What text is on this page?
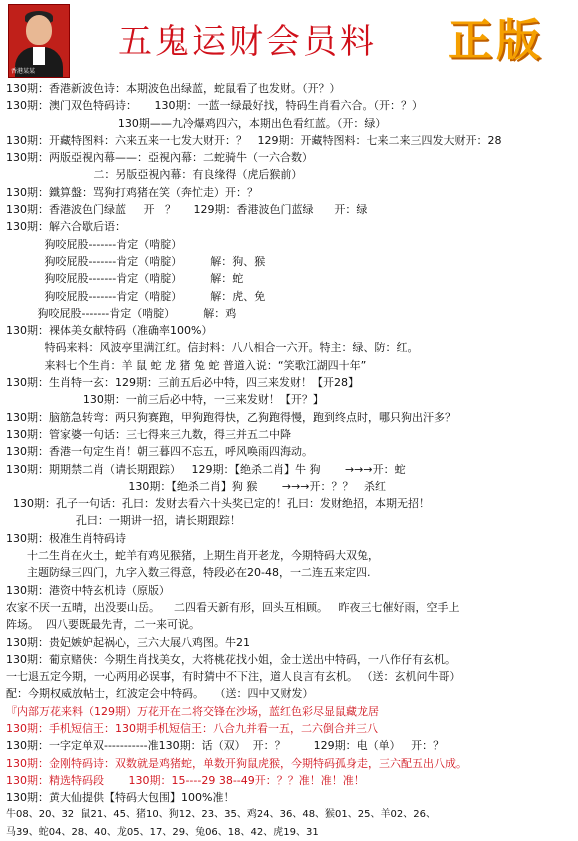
香港某某
五鬼运财会员料 正版
130期：香港新波色诗：本期波色出绿蓝，蛇鼠看了也发财。（开？）
130期：澳门双色特码诗：     130期：一蓝一绿最好找，特码生肖看六合。（开：？）
130期——九冷爆鸡四六，本期出色看红蓝。（开：绿）
130期：开藏特图料：六来五来一七发大财开：？   129期：开藏特图料：七来二来三四发大财开：28
130期：两版亞視內幕——：亞視內幕：二蛇骑牛（一六合数）
二：另版亞視內幕：有良缘得（虎后猴前）
130期：鐵算盤：骂狗打鸡猪在笑（奔忙走）开：？
130期：香港波色门绿蓝     开   ？     129期：香港波色门蓝绿      开：绿
130期：解六合歇后语：
狗咬屁股-------肯定（啃腚）
狗咬屁股-------肯定（啃腚）        解：狗、猴
狗咬屁股-------肯定（啃腚）        解：蛇
狗咬屁股-------肯定（啃腚）        解：虎、免
狗咬屁股-------肯定（啃腚）        解：鸡
130期：裸体美女献特码（准确率100%）
特码来料：风波亭里满江红。信封料：八八相合一六开。特主：绿、防：红。
来料七个生肖：羊 鼠 蛇 龙 猪 兔 蛇 普道入说：“笑歌江湖四十年”
130期：生肖特一玄：129期：三前五后必中特，四三来发财！【开28】
130期：一前三后必中特，一三来发财！【开？】
130期：脑筋急转弯：两只狗赛跑，甲狗跑得快，乙狗跑得慢，跑到终点时，哪只狗出汗多？
130期：管家婆一句话：三七得来三九数，得三并五二中降
130期：香港一句定生肖！朝三暮四不忘五，呼风唤雨四海动。
130期：期期禁二肖（请长期跟踪）   129期：【绝杀二肖】牛 狗       →→→开：蛇
130期：【绝杀二肖】狗 猴       →→→开：？？   杀红
130期：孔子一句话：孔曰：发财去看六十头奖已定的！孔曰：发财绝招，本期无招！
孔曰：一期讲一招，请长期跟踪！
130期：极准生肖特码诗
十二生肖在火土，蛇羊有鸡见猴猪，上期生肖开老龙，今期特码大双兔，
主题防绿三四门，九字入数三得意，特段必在20-48，一二连五来定四.
130期：港资中特玄机诗（原版）
农家不厌一五晴，出没要山岳。    二四看天新有形，回头互相顾。   昨夜三七催好雨，空手上
阵场。  四八要既最先青，二一来可说。
130期：贵妃嫉妒起祸心，三六大展八鸡图。牛21
130期：葡京赌侠：今期生肖找美女，大将桃花找小姐，金士送出中特码，一八作仔有玄机。
一七退五定今期，一心两用必误事，有时猜中不下注，道人良言有玄机。 （送：玄机问牛哥）
配：今期权威放帖士，红波定会中特码。   （送：四中又财发）
『内部万花来料（129期）万花开在二将交锋在沙场，蓝红色彩尽显鼠藏龙居
130期：手机短信王：130期手机短信王：八合九并看一五，二六倒合并三八
130期：一字定单双-----------准130期：话（双）  开：？        129期：电（单）   开：？
130期：金刚特码诗：双数就是鸡猪蛇，单数开狗鼠虎猴，今期特码孤身走，三六配五出八成。
130期：精选特码段       130期：15----29 38--49开：？？准！准！准！
130期：黄大仙提供【特码大包围】100%准！
牛08、20、32  鼠21、45、猪10、狗12、23、35、鸡24、36、48、猴01、25、羊02、26、
马39、蛇04、28、40、龙05、17、29、兔06、18、42、虎19、31
